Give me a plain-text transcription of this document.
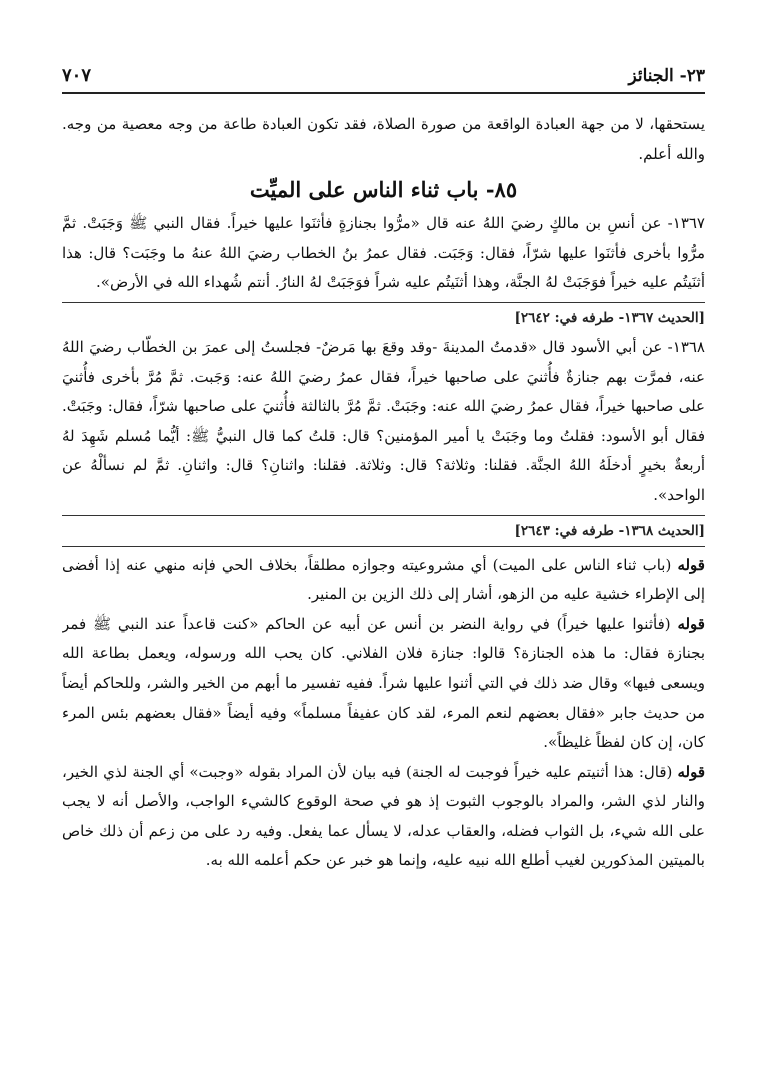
٢٣- الجنائز
٧٠٧

يستحقها، لا من جهة العبادة الواقعة من صورة الصلاة، فقد تكون العبادة طاعة من وجه معصية من وجه. والله أعلم.

٨٥- باب ثناء الناس على الميِّت

١٣٦٧- عن أنسِ بن مالكٍ رضيَ اللهُ عنه قال «مرُّوا بجنازةٍ فأثنَوا عليها خيراً. فقال النبي ﷺ وَجَبَتْ. ثمَّ مرُّوا بأخرى فأثنَوا عليها شرّاً، فقال: وَجَبَت. فقال عمرُ بنُ الخطاب رضيَ اللهُ عنهُ ما وجَبَت؟ قال: هذا أثنَيتُم عليه خيراً فوَجَبَتْ لهُ الجنَّة، وهذا أثنَيتُم عليه شراً فوَجَبَتْ لهُ النارُ. أنتم شُهداء الله في الأرض».

[الحديث ١٣٦٧- طرفه في: ٢٦٤٢]

١٣٦٨- عن أبي الأسود قال «قدمتُ المدينةَ -وقد وقعَ بها مَرضٌ- فجلستُ إلى عمرَ بن الخطّاب رضيَ اللهُ عنه، فمرَّت بهم جنازةٌ فأُثنيَ على صاحبها خيراً، فقال عمرُ رضيَ اللهُ عنه: وَجَبت. ثمَّ مُرَّ بأخرى فأُثنيَ على صاحبها خيراً، فقال عمرُ رضيَ الله عنه: وجَبَتْ. ثمَّ مُرَّ بالثالثة فأُثنيَ على صاحبها شرّاً، فقال: وجَبَتْ. فقال أبو الأسود: فقلتُ وما وجَبَتْ يا أمير المؤمنين؟ قال: قلتُ كما قال النبيُّ ﷺ: أيُّما مُسلم شَهِدَ لهُ أربعةٌ بخيرٍ أدخلَهُ اللهُ الجنَّة. فقلنا: وثلاثة؟ قال: وثلاثة. فقلنا: واثنانِ؟ قال: واثنانِ. ثمَّ لم نسألْهُ عن الواحد».

[الحديث ١٣٦٨- طرفه في: ٢٦٤٣]

قوله (باب ثناء الناس على الميت) أي مشروعيته وجوازه مطلقاً، بخلاف الحي فإنه منهي عنه إذا أفضى إلى الإطراء خشية عليه من الزهو، أشار إلى ذلك الزين بن المنير.

قوله (فأثنوا عليها خيراً) في رواية النضر بن أنس عن أبيه عن الحاكم «كنت قاعداً عند النبي ﷺ فمر بجنازة فقال: ما هذه الجنازة؟ قالوا: جنازة فلان الفلاني. كان يحب الله ورسوله، ويعمل بطاعة الله ويسعى فيها» وقال ضد ذلك في التي أثنوا عليها شراً. ففيه تفسير ما أبهم من الخير والشر، وللحاكم أيضاً من حديث جابر «فقال بعضهم لنعم المرء، لقد كان عفيفاً مسلماً» وفيه أيضاً «فقال بعضهم بئس المرء كان، إن كان لفظاً غليظاً».

قوله (قال: هذا أثنيتم عليه خيراً فوجبت له الجنة) فيه بيان لأن المراد بقوله «وجبت» أي الجنة لذي الخير، والنار لذي الشر، والمراد بالوجوب الثبوت إذ هو في صحة الوقوع كالشيء الواجب، والأصل أنه لا يجب على الله شيء، بل الثواب فضله، والعقاب عدله، لا يسأل عما يفعل. وفيه رد على من زعم أن ذلك خاص بالميتين المذكورين لغيب أطلع الله نبيه عليه، وإنما هو خبر عن حكم أعلمه الله به.
